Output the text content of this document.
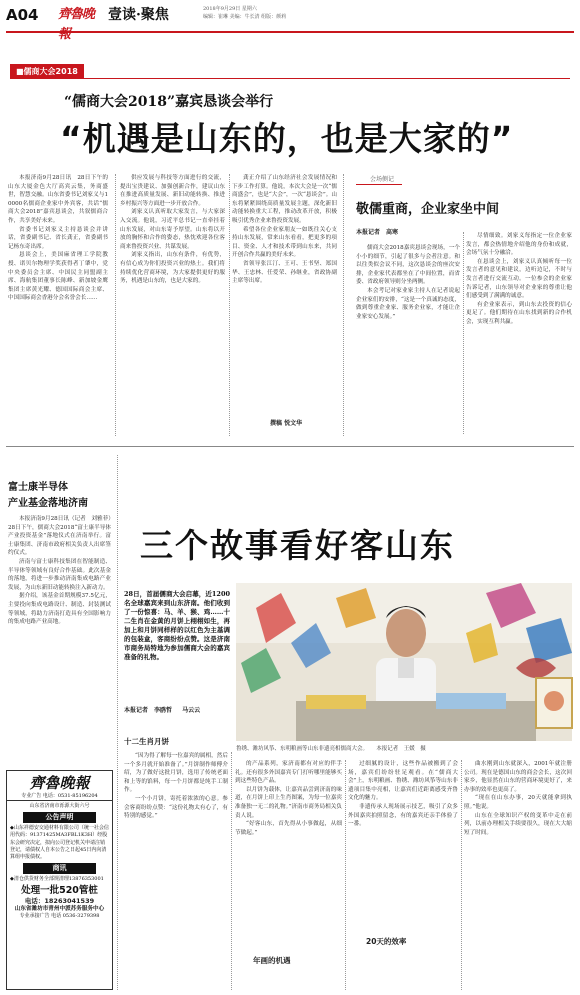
A04 齊魯晚報
壹读·聚焦	2018年9月29日 星期六
编辑：崔琳 美编：牛长清 组版：颜莉
■儒商大会2018
“儒商大会2018”嘉宾恳谈会举行
“机遇是山东的，也是大家的”

本报济南9月28日讯　28日下午的山东大厦金色大厅高宾云集，务商盛世，智慧交融。山东省委书记刘家义与10000名儒商企业家中外宾客，共话“儒商大会2018”嘉宾恳谈会，共叙儒商合作，共享美好未来。

省委书记刘家义主持恳谈会并讲话，省委副书记、省长龚正，省委副书记杨东奇出席。

恳谈会上，美国麻省理工学院教授、诺贝尔物理学奖获得者丁肇中，党中央委员会主席、中国民主同盟副主席、海航集团董事长陈峰、新加坡金鹰集团主席黄光耀、德国国际商会主席、中国国际商会香港分会名誉会长……

供应发展与科技等方面进行的交流，提出宝贵建议、加强创新合作，建议山东在推进高质量发展、新旧动能转换、推进乡村振兴等方面进一步开放合作。

刘家义认真听取大家发言，与大家深入交流。他说，习近平总书记一直牵挂着山东发展，对山东寄予厚望。山东将以开放的胸怀和合作的姿态，热忱欢迎各位客商来鲁投资兴业、共谋发展。

刘家义指出，山东有条件，有优势，有信心成为你们投资兴业的热土。我们将持续优化营商环境，为大家提供更好的服务，机遇是山东的，也是大家的。

龚正介绍了山东经济社会发展情况和下步工作打算。他说，本次大会是一次“儒商盛会”，也是“大会”，一次“恳谈会”。山东将紧紧围绕高质量发展主题，深化新旧动能转换重大工程，推动改革开放，积极吸引优秀企业来鲁投资发展。

希望各位企业家朋友一如既往关心支持山东发展，常来山东看看，把更多的项目、资金、人才和技术带到山东来，共同开创合作共赢的美好未来。

省领导张江汀、王可、王书坚、郑国华、王忠林、任爱荣、孙继业，省政协副主席等出席。

撰稿 悦文华
会场侧记
敬儒重商，企业家坐中间
本报记者　高寒

儒商大会2018嘉宾恳谈会现场，一个小小的细节，引起了很多与会者注意。和以往类似会议不同，这次恳谈会的座次安排，企业家代表都坐在了中间位置，而省委、省政府领导则分坐两侧。

本会考记对家业家主持人在记者说起企业家们的安排，“这是一个真诚的态度，做到尊重企业家、服务企业家，才能让企业家安心发展。”

尽情细致。刘家义每指定一位企业家发言，都会热情地介绍他的身份和成就，会场气氛十分融洽。

在恳谈会上，刘家义认真倾听每一位发言者的意见和建议，边听边记，不时与发言者进行交流互动。一位参会的企业家告诉记者，山东领导对企业家的尊重让他们感受到了满满的诚意。

有企业家表示，到山东去投资的信心更足了。他们期待在山东找到新的合作机会，实现互利共赢。

富士康半导体
产业基金落地济南

本报济南9月28日讯（记者　刘雅菲）　28日下午，儒商大会2018“富士康半导体产业投资基金”落地仪式在济南举行。富士康集团、济南市政府相关负责人出席签约仪式。

济南与富士康科技集团在智能制造、半导体等领域有良好合作基础。此次基金的落地，将进一步推动济南集成电路产业发展，为山东新旧动能转换注入新动力。

据介绍，该基金首期规模37.5亿元，主要投向集成电路设计、制造、封装测试等领域，将助力济南打造具有全国影响力的集成电路产业高地。

三个故事看好客山东
28日，首届儒商大会启幕，近1200名全球嘉宾来到山东济南。他们收到了一份惊喜：马、羊、猴、鸡……十二生肖在金黄的月饼上栩栩如生，再加上和月饼同样样的以红色为主基调的包装盒，客商纷纷点赞。这是济南市商务局特地为参加儒商大会的嘉宾准备的礼物。
本报记者　李鸥哲 马云云
十二生肖月饼
鲁绣、潍坊风筝、东明粮画等山东非遗亮相儒商大会。　　本报记者　王媛　摄

“因为得了解每一位嘉宾的属相，然后一个多月就开始准备了。”月饼制作师傅介绍，为了做好这批月饼，选用了传统老面和上等的馅料，每一个月饼都是纯手工制作。

一个小月饼，寄托着浓浓的心意。参会客商纷纷点赞：“这份礼物太有心了，有特别的感觉。”

的产品系列，家济南都有对应的伴手礼。还有很多外国嘉宾专门打听哪里能够买到这些特色产品。

以月饼为载体，让嘉宾品尝到济南的味道，在月饼上印上生肖图案，为每一位嘉宾准备独一无二的礼物。”济南市商务局相关负责人说。

“好客山东，首先得从小事做起，从细节做起。”

年画的机遇

过细腻的设计，这些作品被搬到了会场，嘉宾们纷纷驻足观看。在“儒商大会”上，东明粮画、鲁绣、潍坊风筝等山东非遗项目集中亮相，让嘉宾们近距离感受齐鲁文化的魅力。

非遗传承人现场展示技艺，吸引了众多外国嘉宾拍照留念，有的嘉宾还亲手体验了一番。

20天的效率

曲水刚到山东就深入，2001年就注册公司。现在是德国山东的商会会长，这次回家乡，他显然在山东的营商环境更好了，来办事的效率也更高了。

“现在在山东办事，20天就能拿到执照。”他说。

山东在全球知识产权的变革中走在前列，以前办理相关手续要很久，现在大大缩短了时间。

齊魯晚報
专业广告 电话：0531-85196204
山东省济南市泺源大街六号
公告声明
◆山东祥德安交通材料有限公司（统一社会信用代码：91371425MA3FBL1K3H）经股东会研究决定，拟向公司登记机关申请注销登记，请债权人自本公告之日起45日内向清算组申报债权。
商讯
◆清仓供货财务全部规清理13876353001
处理一批520管桩
电话：18263041539
山东省潍坊市青州中派苏务服务中心
专业承接广告 电话 0536-3279398
